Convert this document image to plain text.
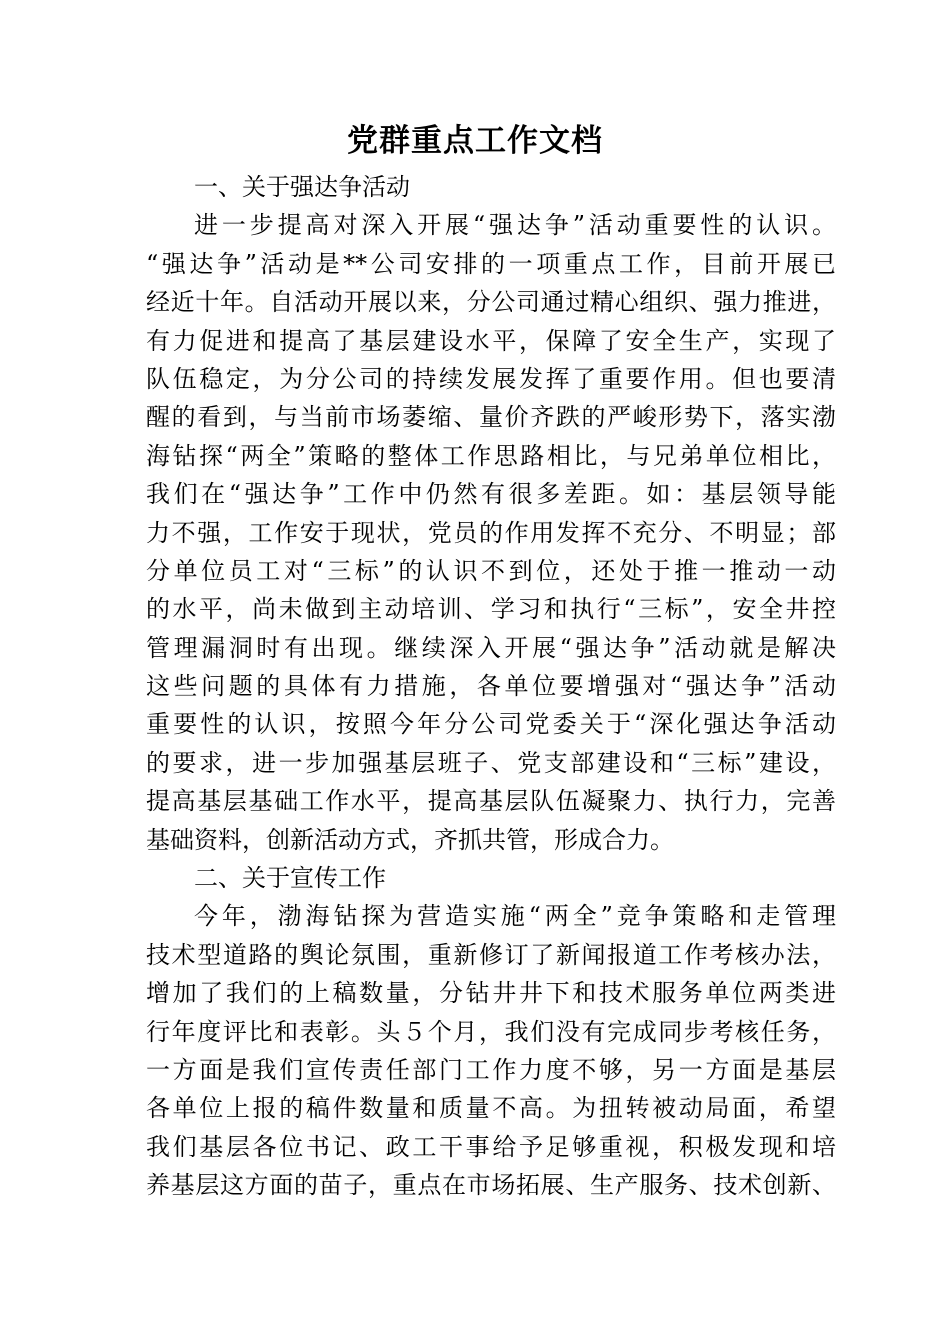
党群重点工作文档
一、关于强达争活动
进一步提高对深入开展“强达争”活动重要性的认识。
“强达争”活动是**公司安排的一项重点工作，目前开展已
经近十年。自活动开展以来，分公司通过精心组织、强力推进，
有力促进和提高了基层建设水平，保障了安全生产，实现了
队伍稳定，为分公司的持续发展发挥了重要作用。但也要清
醒的看到，与当前市场萎缩、量价齐跌的严峻形势下，落实渤
海钻探“两全”策略的整体工作思路相比，与兄弟单位相比，
我们在“强达争”工作中仍然有很多差距。如：基层领导能
力不强，工作安于现状，党员的作用发挥不充分、不明显；部
分单位员工对“三标”的认识不到位，还处于推一推动一动
的水平，尚未做到主动培训、学习和执行“三标”，安全井控
管理漏洞时有出现。继续深入开展“强达争”活动就是解决
这些问题的具体有力措施，各单位要增强对“强达争”活动
重要性的认识，按照今年分公司党委关于“深化强达争活动
的要求，进一步加强基层班子、党支部建设和“三标”建设，
提高基层基础工作水平，提高基层队伍凝聚力、执行力，完善
基础资料，创新活动方式，齐抓共管，形成合力。
二、关于宣传工作
今年，渤海钻探为营造实施“两全”竞争策略和走管理
技术型道路的舆论氛围，重新修订了新闻报道工作考核办法，
增加了我们的上稿数量，分钻井井下和技术服务单位两类进
行年度评比和表彰。头５个月，我们没有完成同步考核任务，
一方面是我们宣传责任部门工作力度不够，另一方面是基层
各单位上报的稿件数量和质量不高。为扭转被动局面，希望
我们基层各位书记、政工干事给予足够重视，积极发现和培
养基层这方面的苗子，重点在市场拓展、生产服务、技术创新、
